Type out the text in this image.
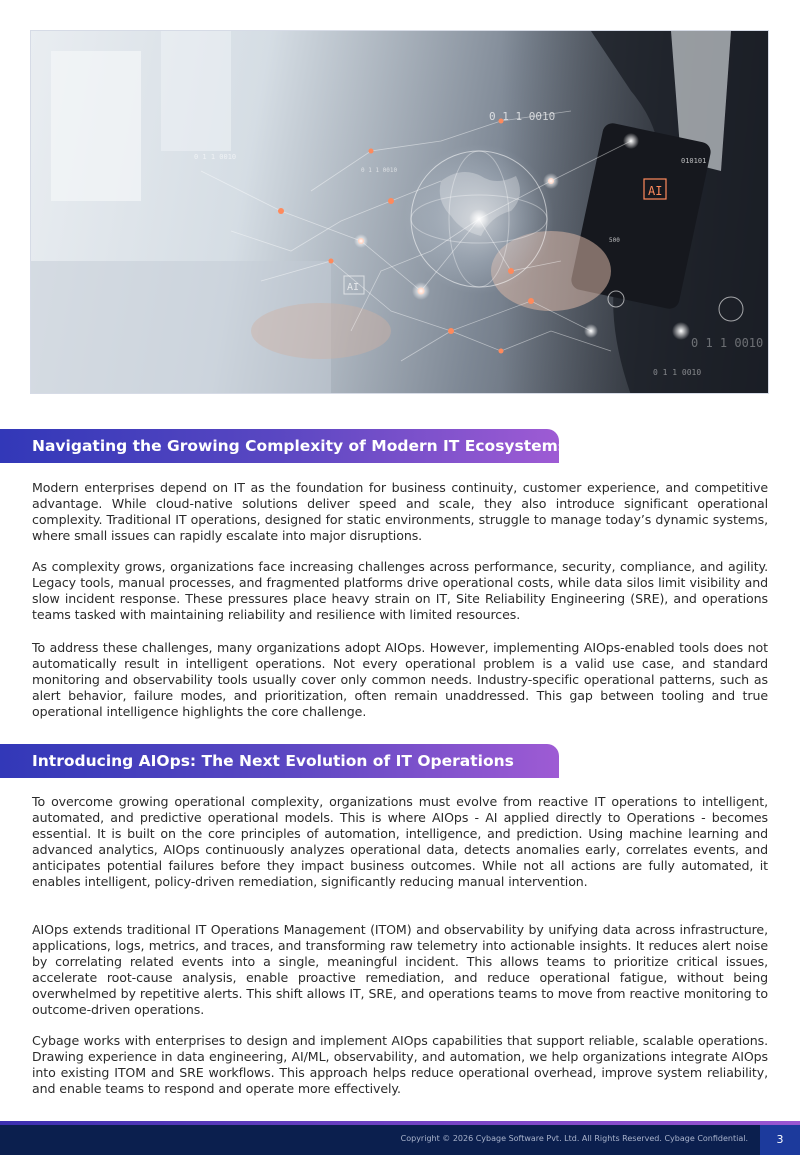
0 1 1 0010
0 1 1 0010
0 1 1 0010
0 1 1 0010
0 1 1 0010
AI
AI
010101
500
Navigating the Growing Complexity of Modern IT Ecosystems

Modern enterprises depend on IT as the foundation for business continuity, customer experience, and competitive advantage. While cloud-native solutions deliver speed and scale, they also introduce significant operational complexity. Traditional IT operations, designed for static environments, struggle to manage today’s dynamic systems, where small issues can rapidly escalate into major disruptions.

As complexity grows, organizations face increasing challenges across performance, security, compliance, and agility. Legacy tools, manual processes, and fragmented platforms drive operational costs, while data silos limit visibility and slow incident response. These pressures place heavy strain on IT, Site Reliability Engineering (SRE), and operations teams tasked with maintaining reliability and resilience with limited resources.

To address these challenges, many organizations adopt AIOps. However, implementing AIOps-enabled tools does not automatically result in intelligent operations. Not every operational problem is a valid use case, and standard monitoring and observability tools usually cover only common needs. Industry-specific operational patterns, such as alert behavior, failure modes, and prioritization, often remain unaddressed. This gap between tooling and true operational intelligence highlights the core challenge.

Introducing AIOps: The Next Evolution of IT Operations

To overcome growing operational complexity, organizations must evolve from reactive IT operations to intelligent, automated, and predictive operational models. This is where AIOps - AI applied directly to Operations - becomes essential. It is built on the core principles of automation, intelligence, and prediction. Using machine learning and advanced analytics, AIOps continuously analyzes operational data, detects anomalies early, correlates events, and anticipates potential failures before they impact business outcomes. While not all actions are fully automated, it enables intelligent, policy-driven remediation, significantly reducing manual intervention.

AIOps extends traditional IT Operations Management (ITOM) and observability by unifying data across infrastructure, applications, logs, metrics, and traces, and transforming raw telemetry into actionable insights. It reduces alert noise by correlating related events into a single, meaningful incident. This allows teams to prioritize critical issues, accelerate root-cause analysis, enable proactive remediation, and reduce operational fatigue, without being overwhelmed by repetitive alerts. This shift allows IT, SRE, and operations teams to move from reactive monitoring to outcome-driven operations.

Cybage works with enterprises to design and implement AIOps capabilities that support reliable, scalable operations. Drawing experience in data engineering, AI/ML, observability, and automation, we help organizations integrate AIOps into existing ITOM and SRE workflows. This approach helps reduce operational overhead, improve system reliability, and enable teams to respond and operate more effectively.

Copyright © 2026 Cybage Software Pvt. Ltd. All Rights Reserved. Cybage Confidential.	3
